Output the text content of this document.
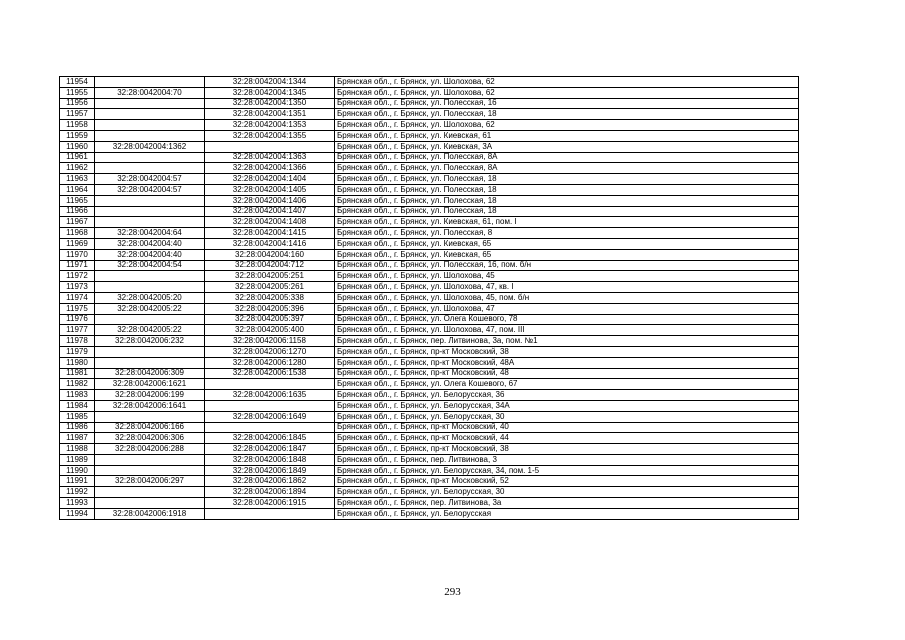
11954		32:28:0042004:1344	Брянская обл., г. Брянск, ул. Шолохова, 62
11955	32:28:0042004:70	32:28:0042004:1345	Брянская обл., г. Брянск, ул. Шолохова, 62
11956		32:28:0042004:1350	Брянская обл., г. Брянск, ул. Полесская, 16
11957		32:28:0042004:1351	Брянская обл., г. Брянск, ул. Полесская, 18
11958		32:28:0042004:1353	Брянская обл., г. Брянск, ул. Шолохова, 62
11959		32:28:0042004:1355	Брянская обл., г. Брянск, ул. Киевская, 61
11960	32:28:0042004:1362		Брянская обл., г. Брянск, ул. Киевская, 3А
11961		32:28:0042004:1363	Брянская обл., г. Брянск, ул. Полесская, 8А
11962		32:28:0042004:1366	Брянская обл., г. Брянск, ул. Полесская, 8А
11963	32:28:0042004:57	32:28:0042004:1404	Брянская обл., г. Брянск, ул. Полесская, 18
11964	32:28:0042004:57	32:28:0042004:1405	Брянская обл., г. Брянск, ул. Полесская, 18
11965		32:28:0042004:1406	Брянская обл., г. Брянск, ул. Полесская, 18
11966		32:28:0042004:1407	Брянская обл., г. Брянск, ул. Полесская, 18
11967		32:28:0042004:1408	Брянская обл., г. Брянск, ул. Киевская, 61, пом. I
11968	32:28:0042004:64	32:28:0042004:1415	Брянская обл., г. Брянск, ул. Полесская, 8
11969	32:28:0042004:40	32:28:0042004:1416	Брянская обл., г. Брянск, ул. Киевская, 65
11970	32:28:0042004:40	32:28:0042004:160	Брянская обл., г. Брянск, ул. Киевская, 65
11971	32:28:0042004:54	32:28:0042004:712	Брянская обл., г. Брянск, ул. Полесская, 16, пом. б/н
11972		32:28:0042005:251	Брянская обл., г. Брянск, ул. Шолохова, 45
11973		32:28:0042005:261	Брянская обл., г. Брянск, ул. Шолохова, 47, кв. I
11974	32:28:0042005:20	32:28:0042005:338	Брянская обл., г. Брянск, ул. Шолохова, 45, пом. б/н
11975	32:28:0042005:22	32:28:0042005:396	Брянская обл., г. Брянск, ул. Шолохова, 47
11976		32:28:0042005:397	Брянская обл., г. Брянск, ул. Олега Кошевого, 78
11977	32:28:0042005:22	32:28:0042005:400	Брянская обл., г. Брянск, ул. Шолохова, 47, пом. III
11978	32:28:0042006:232	32:28:0042006:1158	Брянская обл., г. Брянск, пер. Литвинова, 3а, пом. №1
11979		32:28:0042006:1270	Брянская обл., г. Брянск, пр-кт Московский, 38
11980		32:28:0042006:1280	Брянская обл., г. Брянск, пр-кт Московский, 48А
11981	32:28:0042006:309	32:28:0042006:1538	Брянская обл., г. Брянск, пр-кт Московский, 48
11982	32:28:0042006:1621		Брянская обл., г. Брянск, ул. Олега Кошевого, 67
11983	32:28:0042006:199	32:28:0042006:1635	Брянская обл., г. Брянск, ул. Белорусская, 36
11984	32:28:0042006:1641		Брянская обл., г. Брянск, ул. Белорусская, 34А
11985		32:28:0042006:1649	Брянская обл., г. Брянск, ул. Белорусская, 30
11986	32:28:0042006:166		Брянская обл., г. Брянск, пр-кт Московский, 40
11987	32:28:0042006:306	32:28:0042006:1845	Брянская обл., г. Брянск, пр-кт Московский, 44
11988	32:28:0042006:288	32:28:0042006:1847	Брянская обл., г. Брянск, пр-кт Московский, 38
11989		32:28:0042006:1848	Брянская обл., г. Брянск, пер. Литвинова, 3
11990		32:28:0042006:1849	Брянская обл., г. Брянск, ул. Белорусская, 34, пом. 1-5
11991	32:28:0042006:297	32:28:0042006:1862	Брянская обл., г. Брянск, пр-кт Московский, 52
11992		32:28:0042006:1894	Брянская обл., г. Брянск, ул. Белорусская, 30
11993		32:28:0042006:1915	Брянская обл., г. Брянск, пер. Литвинова, 3а
11994	32:28:0042006:1918		Брянская обл., г. Брянск, ул. Белорусская
293
